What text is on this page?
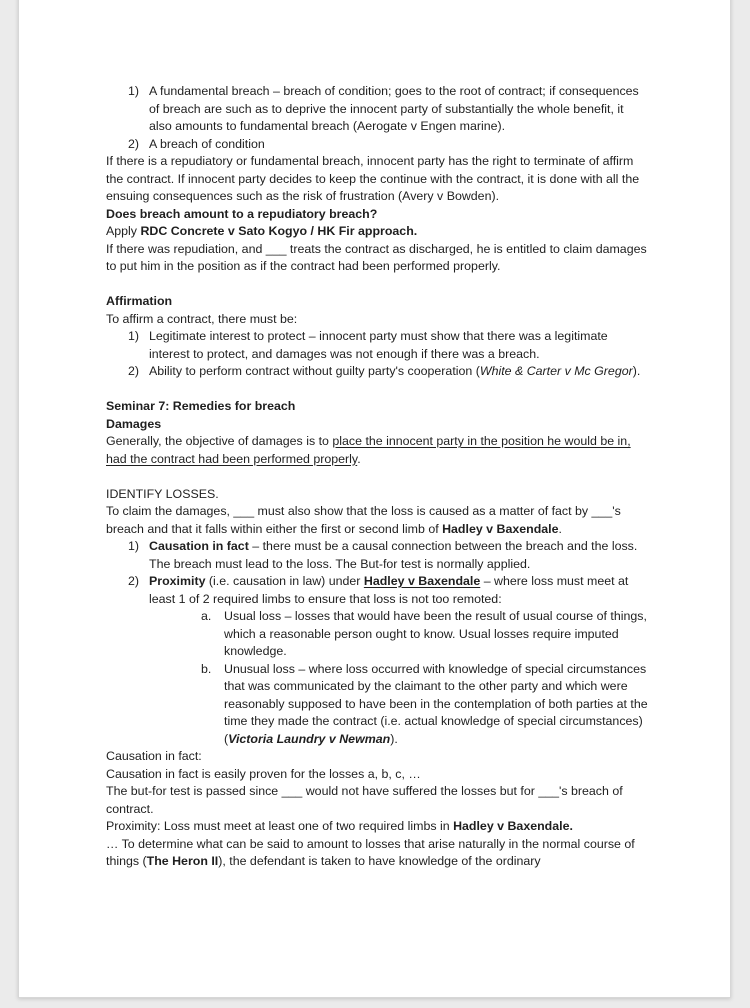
1) A fundamental breach – breach of condition; goes to the root of contract; if consequences of breach are such as to deprive the innocent party of substantially the whole benefit, it also amounts to fundamental breach (Aerogate v Engen marine).
2) A breach of condition
If there is a repudiatory or fundamental breach, innocent party has the right to terminate of affirm the contract. If innocent party decides to keep the continue with the contract, it is done with all the ensuing consequences such as the risk of frustration (Avery v Bowden).
Does breach amount to a repudiatory breach?
Apply RDC Concrete v Sato Kogyo / HK Fir approach.
If there was repudiation, and ___ treats the contract as discharged, he is entitled to claim damages to put him in the position as if the contract had been performed properly.
Affirmation
To affirm a contract, there must be:
1) Legitimate interest to protect – innocent party must show that there was a legitimate interest to protect, and damages was not enough if there was a breach.
2) Ability to perform contract without guilty party's cooperation (White & Carter v Mc Gregor).
Seminar 7: Remedies for breach
Damages
Generally, the objective of damages is to place the innocent party in the position he would be in, had the contract had been performed properly.
IDENTIFY LOSSES.
To claim the damages, ___ must also show that the loss is caused as a matter of fact by ___'s breach and that it falls within either the first or second limb of Hadley v Baxendale.
1) Causation in fact – there must be a causal connection between the breach and the loss. The breach must lead to the loss. The But-for test is normally applied.
2) Proximity (i.e. causation in law) under Hadley v Baxendale – where loss must meet at least 1 of 2 required limbs to ensure that loss is not too remoted:
a.	Usual loss – losses that would have been the result of usual course of things, which a reasonable person ought to know. Usual losses require imputed knowledge.
b.	Unusual loss – where loss occurred with knowledge of special circumstances that was communicated by the claimant to the other party and which were reasonably supposed to have been in the contemplation of both parties at the time they made the contract (i.e. actual knowledge of special circumstances) (Victoria Laundry v Newman).
Causation in fact:
Causation in fact is easily proven for the losses a, b, c, …
The but-for test is passed since ___ would not have suffered the losses but for ___'s breach of contract.
Proximity: Loss must meet at least one of two required limbs in Hadley v Baxendale.
… To determine what can be said to amount to losses that arise naturally in the normal course of things (The Heron II), the defendant is taken to have knowledge of the ordinary
